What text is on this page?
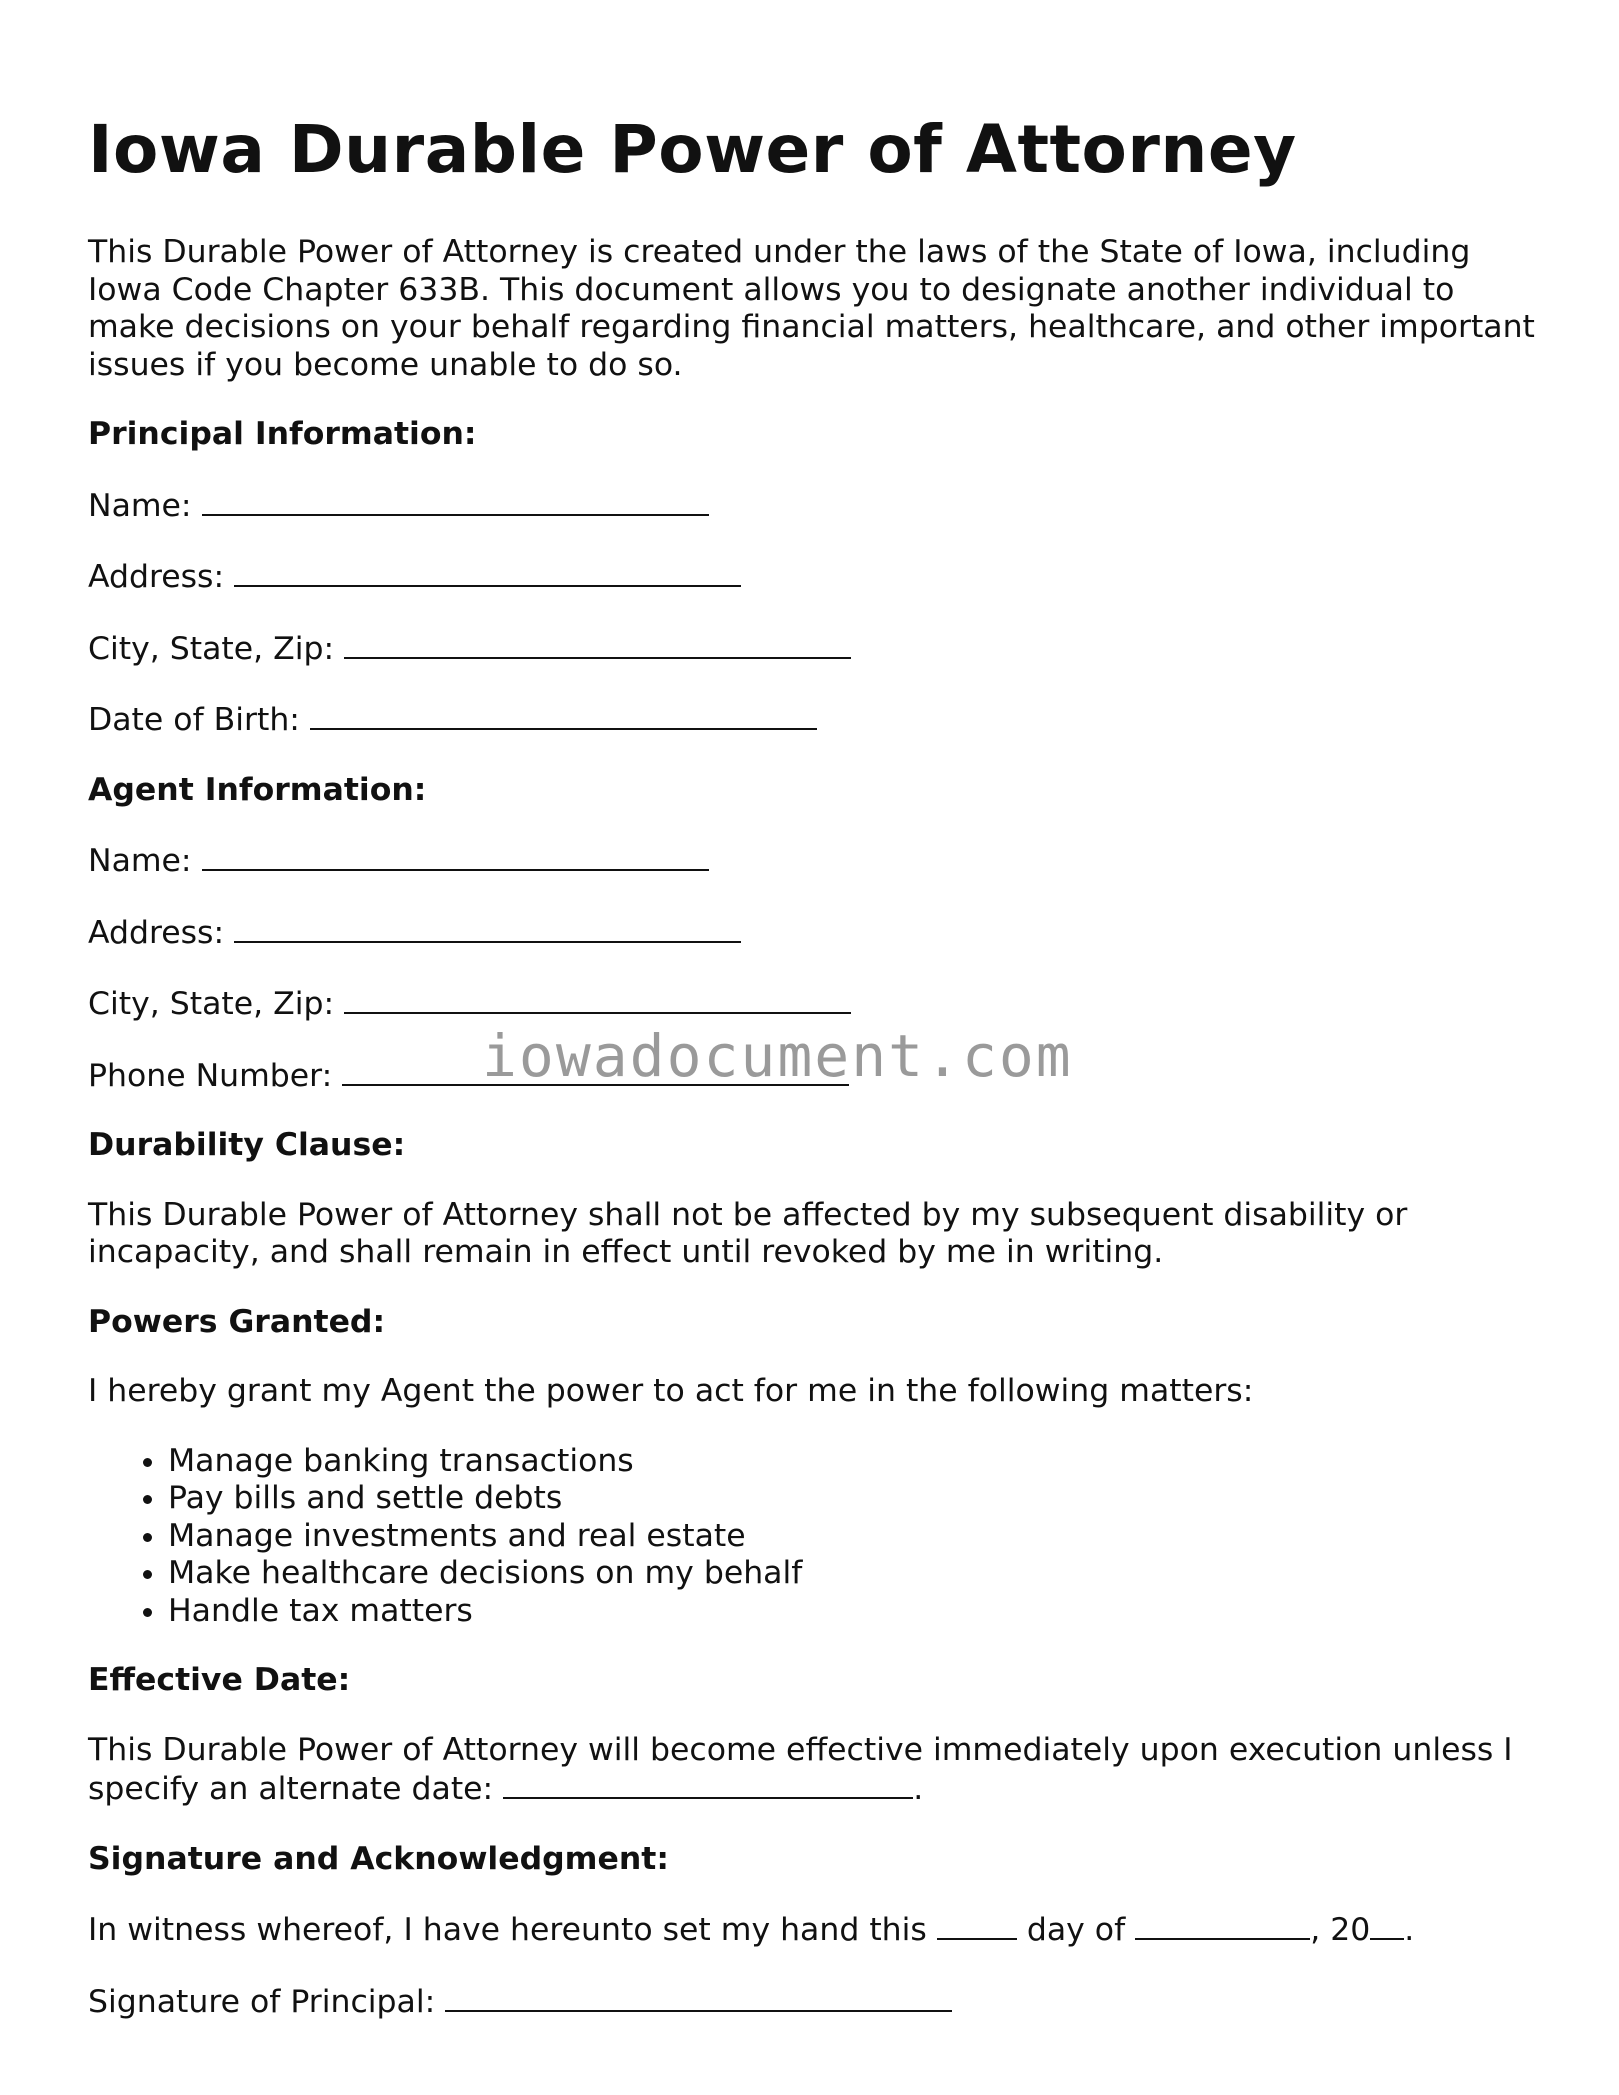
Iowa Durable Power of Attorney

This Durable Power of Attorney is created under the laws of the State of Iowa, including Iowa Code Chapter 633B. This document allows you to designate another individual to make decisions on your behalf regarding financial matters, healthcare, and other important issues if you become unable to do so.

Principal Information:

Name:

Address:

City, State, Zip:

Date of Birth:

Agent Information:

Name:

Address:

City, State, Zip:

Phone Number:

Durability Clause:

This Durable Power of Attorney shall not be affected by my subsequent disability or incapacity, and shall remain in effect until revoked by me in writing.

Powers Granted:

I hereby grant my Agent the power to act for me in the following matters:

• Manage banking transactions
• Pay bills and settle debts
• Manage investments and real estate
• Make healthcare decisions on my behalf
• Handle tax matters

Effective Date:

This Durable Power of Attorney will become effective immediately upon execution unless I specify an alternate date:	.

Signature and Acknowledgment:

In witness whereof, I have hereunto set my hand this	day of	, 20 .

Signature of Principal:

iowadocument.com
